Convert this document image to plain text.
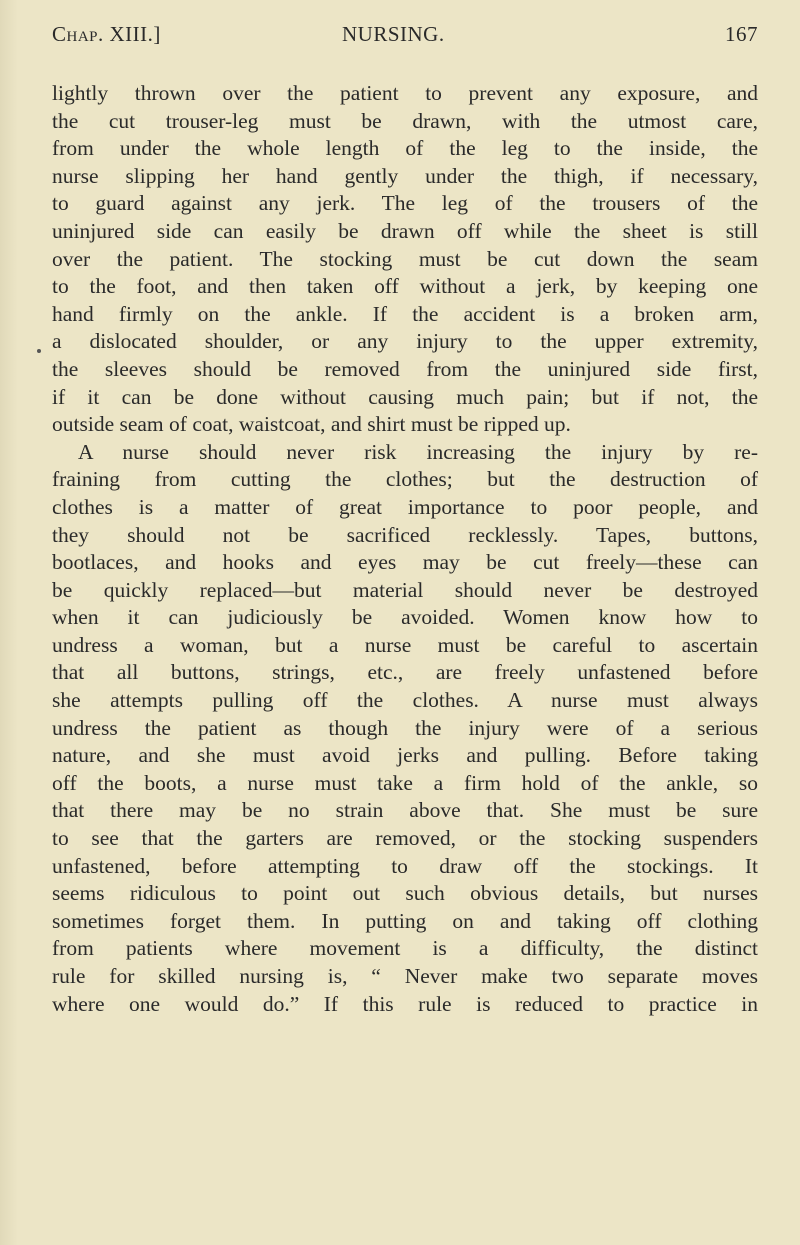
Chap. XIII.]	NURSING.	167
lightly thrown over the patient to prevent any exposure, and
the cut trouser-leg must be drawn, with the utmost care,
from under the whole length of the leg to the inside, the
nurse slipping her hand gently under the thigh, if necessary,
to guard against any jerk. The leg of the trousers of the
uninjured side can easily be drawn off while the sheet is still
over the patient. The stocking must be cut down the seam
to the foot, and then taken off without a jerk, by keeping one
hand firmly on the ankle. If the accident is a broken arm,
a dislocated shoulder, or any injury to the upper extremity,
the sleeves should be removed from the uninjured side first,
if it can be done without causing much pain; but if not, the
outside seam of coat, waistcoat, and shirt must be ripped up.
A nurse should never risk increasing the injury by re-
fraining from cutting the clothes; but the destruction of
clothes is a matter of great importance to poor people, and
they should not be sacrificed recklessly. Tapes, buttons,
bootlaces, and hooks and eyes may be cut freely—these can
be quickly replaced—but material should never be destroyed
when it can judiciously be avoided. Women know how to
undress a woman, but a nurse must be careful to ascertain
that all buttons, strings, etc., are freely unfastened before
she attempts pulling off the clothes. A nurse must always
undress the patient as though the injury were of a serious
nature, and she must avoid jerks and pulling. Before taking
off the boots, a nurse must take a firm hold of the ankle, so
that there may be no strain above that. She must be sure
to see that the garters are removed, or the stocking suspenders
unfastened, before attempting to draw off the stockings. It
seems ridiculous to point out such obvious details, but nurses
sometimes forget them. In putting on and taking off clothing
from patients where movement is a difficulty, the distinct
rule for skilled nursing is, “ Never make two separate moves
where one would do.” If this rule is reduced to practice in
